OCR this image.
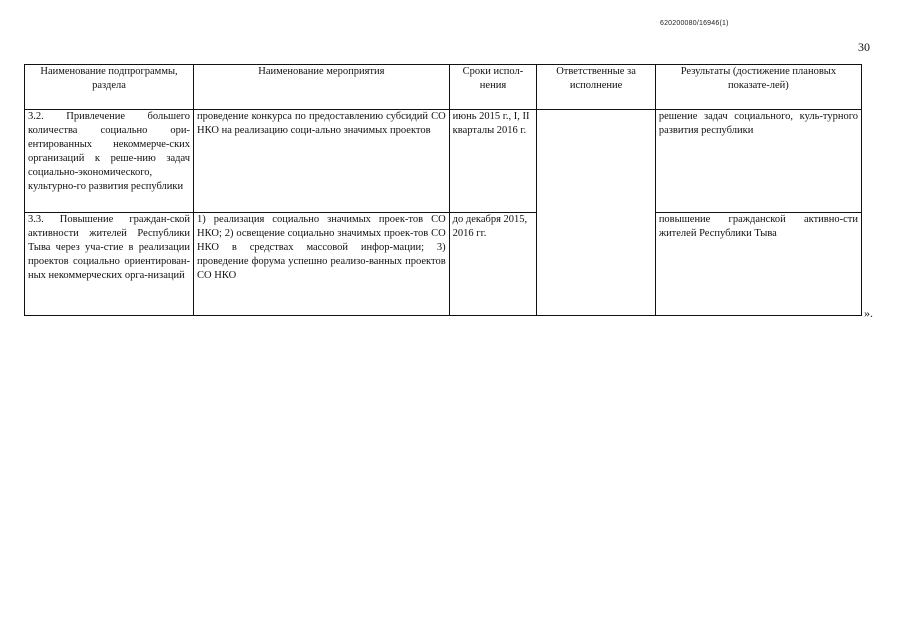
620200080/16946(1)
30
Наименование подпрограммы, раздела	Наименование мероприятия	Сроки испол-нения	Ответственные за исполнение	Результаты (достижение плановых показате-лей)
3.2. Привлечение большего количества социально ори-ентированных некоммерче-ских организаций к реше-нию задач социально-экономического, культурно-го развития республики	проведение конкурса по предоставлению субсидий СО НКО на реализацию соци-ально значимых проектов	июнь 2015 г., I, II кварталы 2016 г.		решение задач социального, куль-турного развития республики
3.3. Повышение граждан-ской активности жителей Республики Тыва через уча-стие в реализации проектов социально ориентирован-ных некоммерческих орга-низаций	1) реализация социально значимых проек-тов СО НКО; 2) освещение социально значимых проек-тов СО НКО в средствах массовой инфор-мации; 3) проведение форума успешно реализо-ванных проектов СО НКО	до декабря 2015, 2016 гг.		повышение гражданской активно-сти жителей Республики Тыва
».
